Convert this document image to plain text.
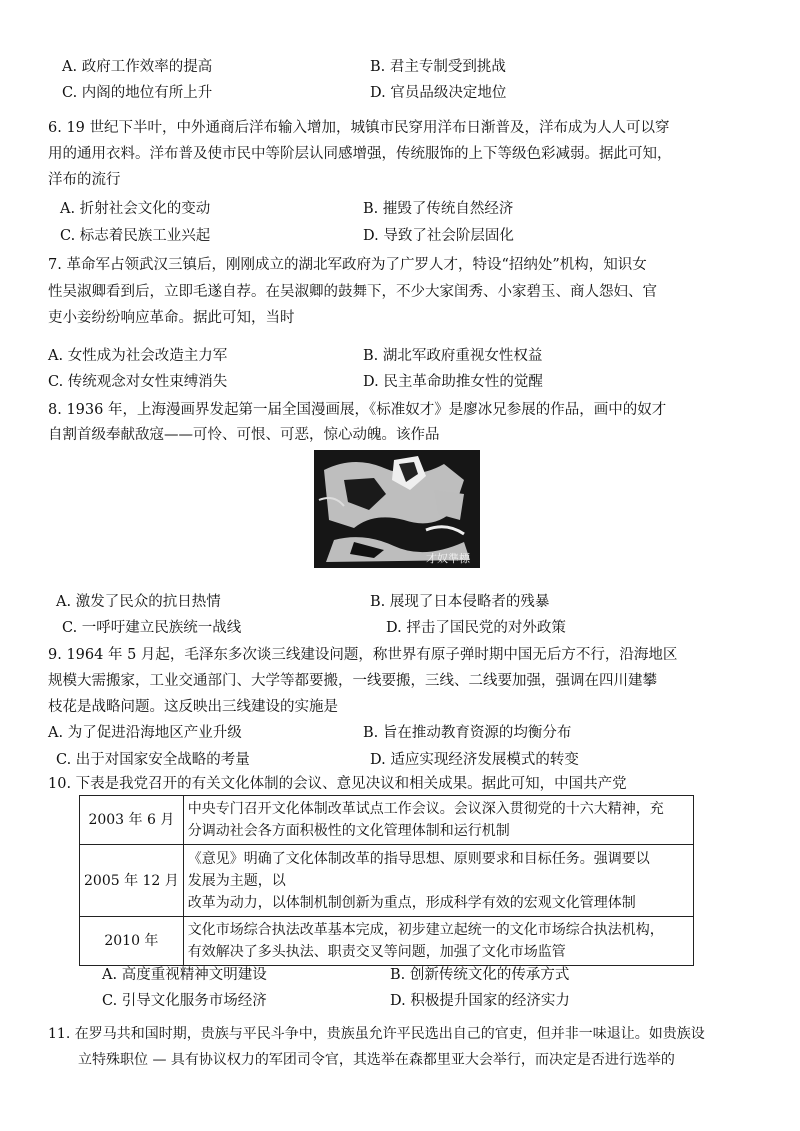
A. 政府工作效率的提高	B. 君主专制受到挑战
C. 内阁的地位有所上升	D. 官员品级决定地位
6. 19 世纪下半叶，中外通商后洋布输入增加，城镇市民穿用洋布日渐普及，洋布成为人人可以穿
用的通用衣料。洋布普及使市民中等阶层认同感增强，传统服饰的上下等级色彩减弱。据此可知，
洋布的流行
A. 折射社会文化的变动	B. 摧毁了传统自然经济
C. 标志着民族工业兴起	D. 导致了社会阶层固化
7. 革命军占领武汉三镇后，刚刚成立的湖北军政府为了广罗人才，特设“招纳处”机构，知识女
性吴淑卿看到后，立即毛遂自荐。在吴淑卿的鼓舞下，不少大家闺秀、小家碧玉、商人怨妇、官
吏小妾纷纷响应革命。据此可知，当时
A. 女性成为社会改造主力军	B. 湖北军政府重视女性权益
C. 传统观念对女性束缚消失	D. 民主革命助推女性的觉醒
8. 1936 年，上海漫画界发起第一届全国漫画展，《标准奴才》是廖冰兄参展的作品，画中的奴才
自割首级奉献敌寇——可怜、可恨、可恶，惊心动魄。该作品
才奴準標
A. 激发了民众的抗日热情	B. 展现了日本侵略者的残暴
C. 一呼吁建立民族统一战线	D. 抨击了国民党的对外政策
9. 1964 年 5 月起，毛泽东多次谈三线建设问题，称世界有原子弹时期中国无后方不行，沿海地区
规模大需搬家，工业交通部门、大学等都要搬，一线要搬，三线、二线要加强，强调在四川建攀
枝花是战略问题。这反映出三线建设的实施是
A. 为了促进沿海地区产业升级	B. 旨在推动教育资源的均衡分布
C. 出于对国家安全战略的考量	D. 适应实现经济发展模式的转变
10. 下表是我党召开的有关文化体制的会议、意见决议和相关成果。据此可知，中国共产党
2003 年 6 月	中央专门召开文化体制改革试点工作会议。会议深入贯彻党的十六大精神，充
分调动社会各方面积极性的文化管理体制和运行机制

2005 年 12 月	《意见》明确了文化体制改革的指导思想、原则要求和目标任务。强调要以
发展为主题，以
改革为动力，以体制机制创新为重点，形成科学有效的宏观文化管理体制

2010 年	文化市场综合执法改革基本完成，初步建立起统一的文化市场综合执法机构，
有效解决了多头执法、职责交叉等问题，加强了文化市场监管
A. 高度重视精神文明建设	B. 创新传统文化的传承方式
C. 引导文化服务市场经济	D. 积极提升国家的经济实力
11. 在罗马共和国时期，贵族与平民斗争中，贵族虽允许平民选出自己的官吏，但并非一味退让。如贵族设
立特殊职位 — 具有协议权力的军团司令官，其选举在森都里亚大会举行，而决定是否进行选举的
